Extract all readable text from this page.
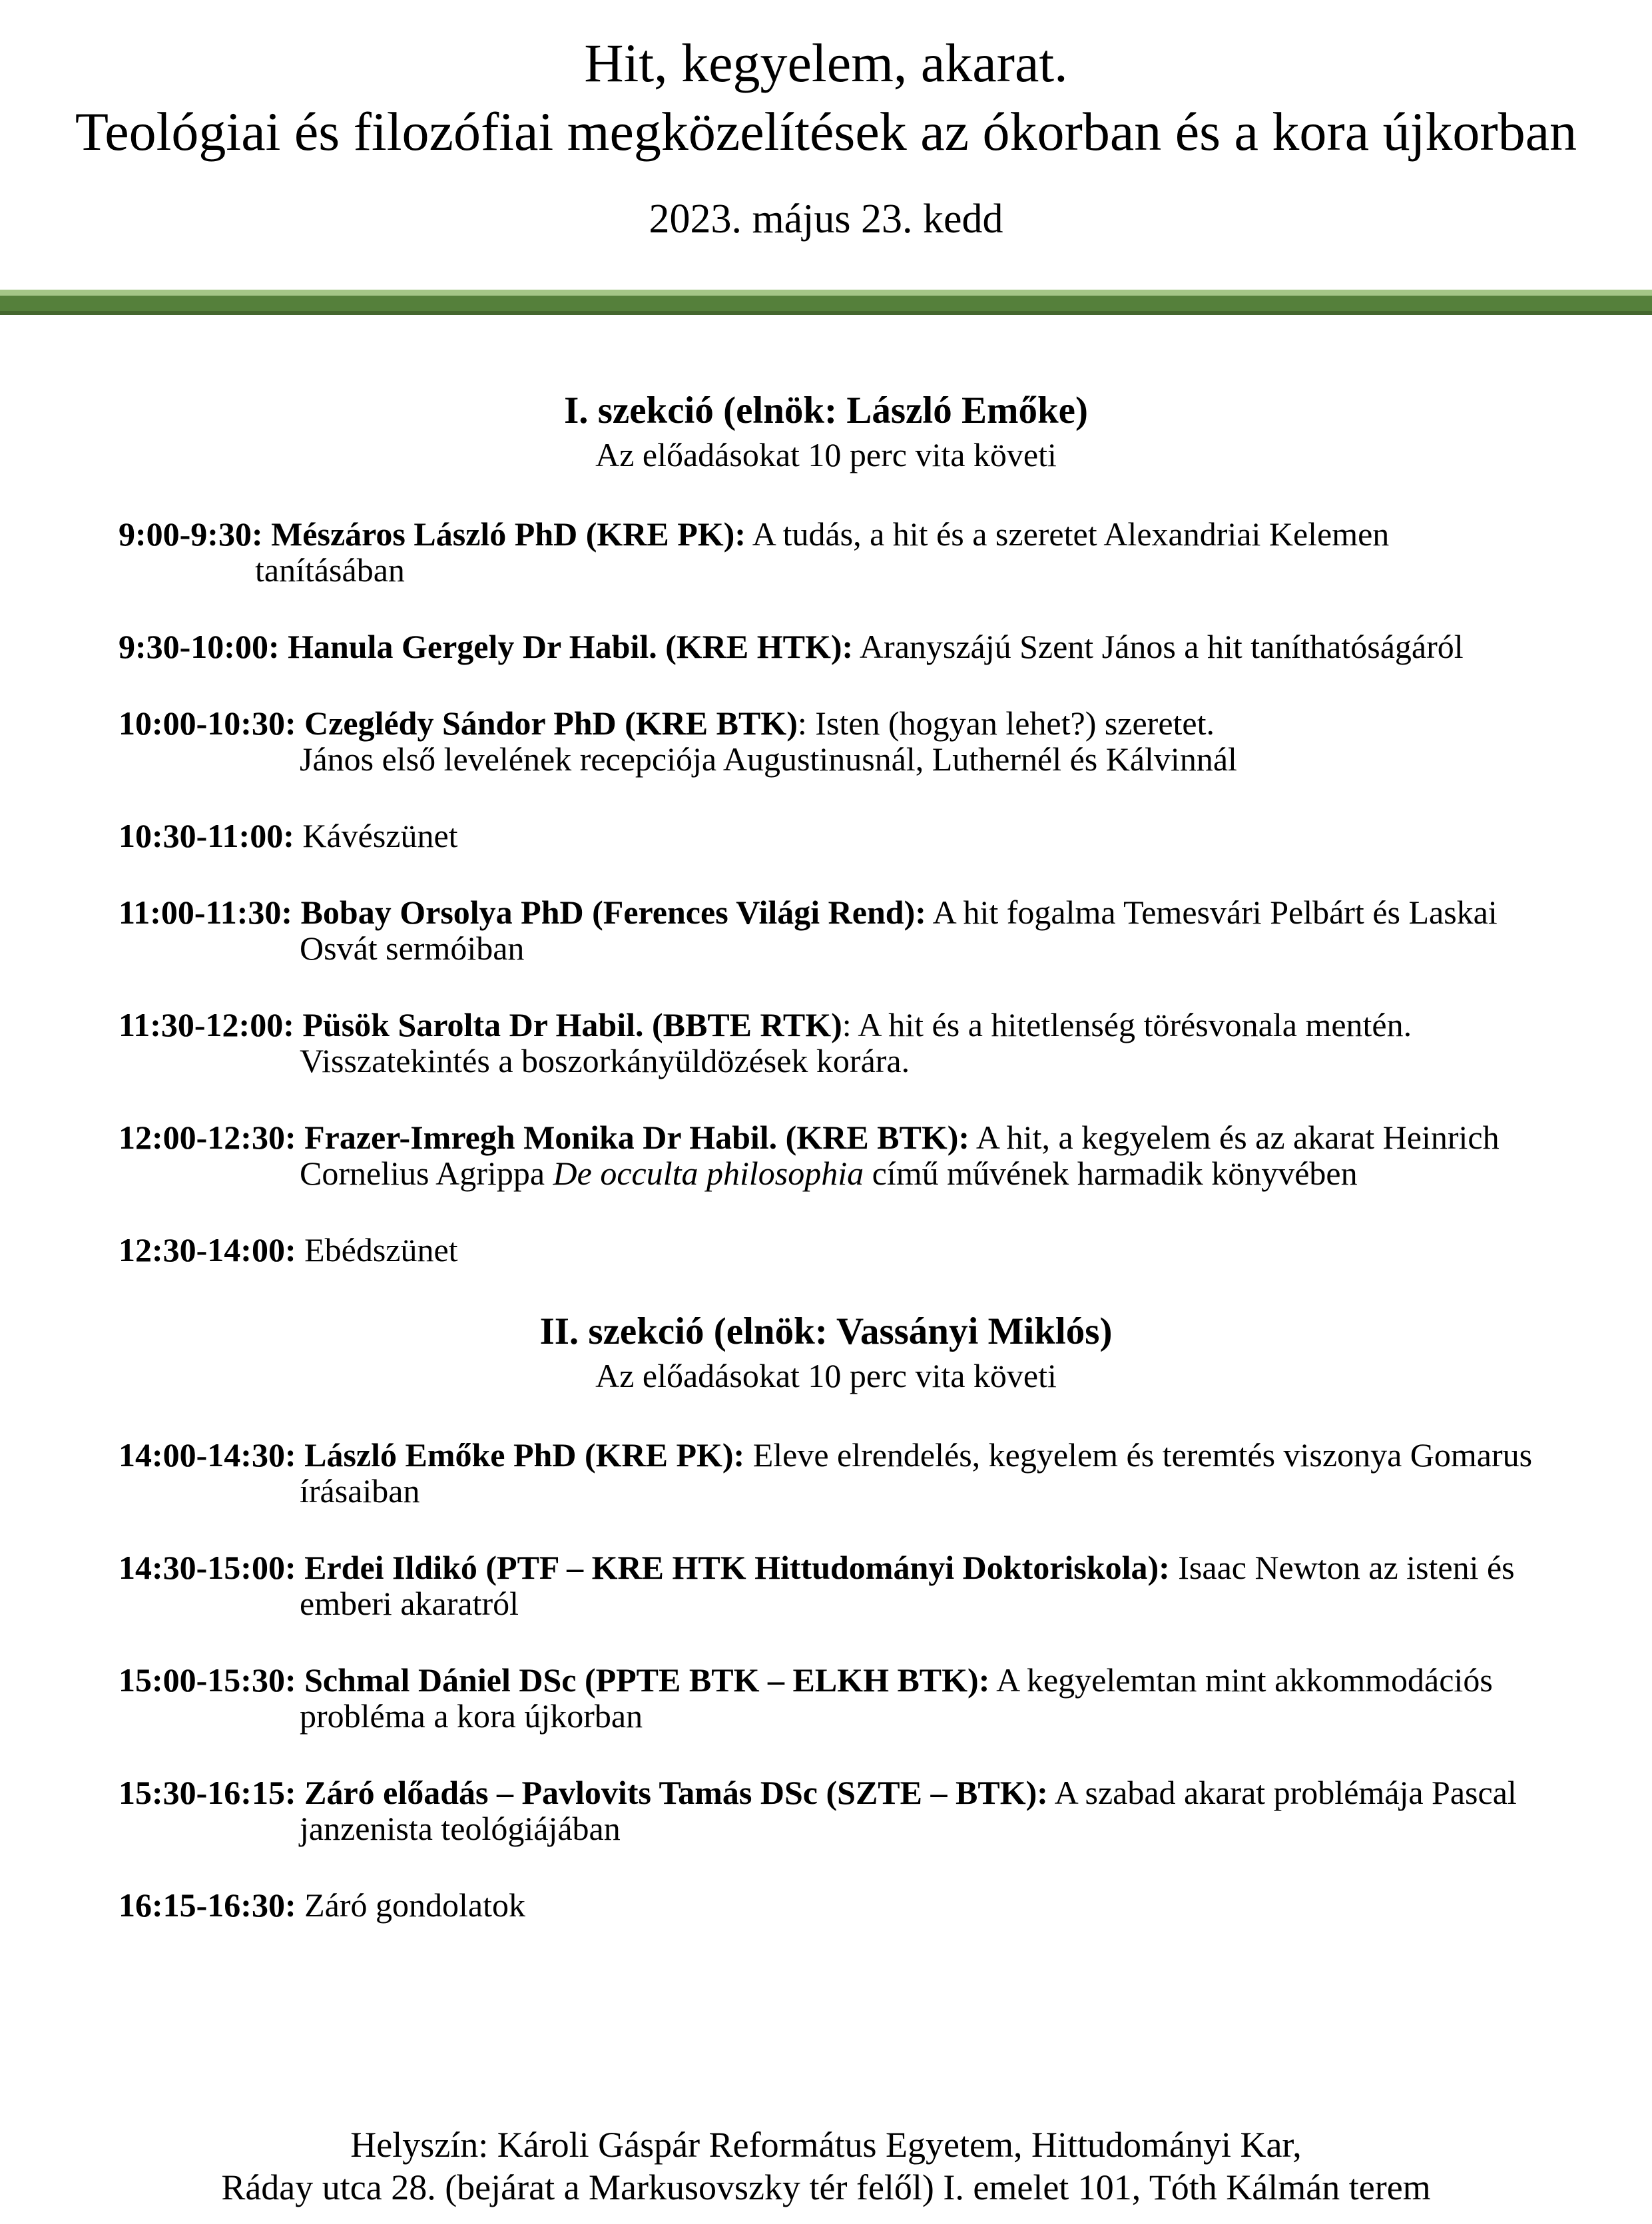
Hit, kegyelem, akarat.
Teológiai és filozófiai megközelítések az ókorban és a kora újkorban
2023. május 23. kedd
I. szekció (elnök: László Emőke)
Az előadásokat 10 perc vita követi
9:00-9:30: Mészáros László PhD (KRE PK): A tudás, a hit és a szeretet Alexandriai Kelemen
tanításában
9:30-10:00: Hanula Gergely Dr Habil. (KRE HTK): Aranyszájú Szent János a hit taníthatóságáról
10:00-10:30: Czeglédy Sándor PhD (KRE BTK): Isten (hogyan lehet?) szeretet.
János első levelének recepciója Augustinusnál, Luthernél és Kálvinnál
10:30-11:00: Kávészünet
11:00-11:30: Bobay Orsolya PhD (Ferences Világi Rend): A hit fogalma Temesvári Pelbárt és Laskai
Osvát sermóiban
11:30-12:00: Püsök Sarolta Dr Habil. (BBTE RTK): A hit és a hitetlenség törésvonala mentén.
Visszatekintés a boszorkányüldözések korára.
12:00-12:30: Frazer-Imregh Monika Dr Habil. (KRE BTK): A hit, a kegyelem és az akarat Heinrich
Cornelius Agrippa De occulta philosophia című művének harmadik könyvében
12:30-14:00: Ebédszünet
II. szekció (elnök: Vassányi Miklós)
Az előadásokat 10 perc vita követi
14:00-14:30: László Emőke PhD (KRE PK): Eleve elrendelés, kegyelem és teremtés viszonya Gomarus
írásaiban
14:30-15:00: Erdei Ildikó (PTF – KRE HTK Hittudományi Doktoriskola): Isaac Newton az isteni és
emberi akaratról
15:00-15:30: Schmal Dániel DSc (PPTE BTK – ELKH BTK): A kegyelemtan mint akkommodációs
probléma a kora újkorban
15:30-16:15: Záró előadás – Pavlovits Tamás DSc (SZTE – BTK): A szabad akarat problémája Pascal
janzenista teológiájában
16:15-16:30: Záró gondolatok
Helyszín: Károli Gáspár Református Egyetem, Hittudományi Kar,
Ráday utca 28. (bejárat a Markusovszky tér felől) I. emelet 101, Tóth Kálmán terem
